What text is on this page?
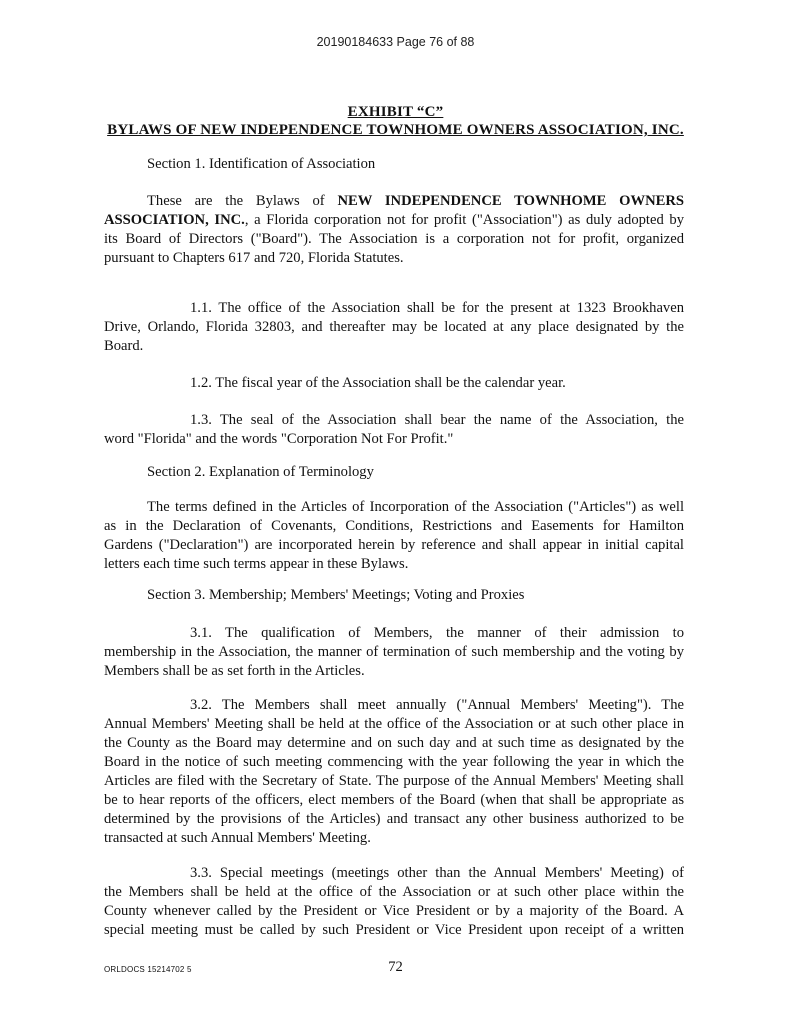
20190184633 Page 76 of 88
EXHIBIT “C”
BYLAWS OF NEW INDEPENDENCE TOWNHOME OWNERS ASSOCIATION, INC.
Section 1. Identification of Association
These are the Bylaws of NEW INDEPENDENCE TOWNHOME OWNERS
ASSOCIATION, INC., a Florida corporation not for profit ("Association") as duly adopted by
its Board of Directors ("Board"). The Association is a corporation not for profit, organized
pursuant to Chapters 617 and 720, Florida Statutes.
1.1. The office of the Association shall be for the present at 1323 Brookhaven
Drive, Orlando, Florida 32803, and thereafter may be located at any place designated by the
Board.
1.2. The fiscal year of the Association shall be the calendar year.
1.3. The seal of the Association shall bear the name of the Association, the
word "Florida" and the words "Corporation Not For Profit."
Section 2. Explanation of Terminology
The terms defined in the Articles of Incorporation of the Association ("Articles") as well
as in the Declaration of Covenants, Conditions, Restrictions and Easements for Hamilton
Gardens ("Declaration") are incorporated herein by reference and shall appear in initial capital
letters each time such terms appear in these Bylaws.
Section 3. Membership; Members' Meetings; Voting and Proxies
3.1. The qualification of Members, the manner of their admission to
membership in the Association, the manner of termination of such membership and the voting by
Members shall be as set forth in the Articles.
3.2. The Members shall meet annually ("Annual Members' Meeting"). The
Annual Members' Meeting shall be held at the office of the Association or at such other place in
the County as the Board may determine and on such day and at such time as designated by the
Board in the notice of such meeting commencing with the year following the year in which the
Articles are filed with the Secretary of State. The purpose of the Annual Members' Meeting shall
be to hear reports of the officers, elect members of the Board (when that shall be appropriate as
determined by the provisions of the Articles) and transact any other business authorized to be
transacted at such Annual Members' Meeting.
3.3. Special meetings (meetings other than the Annual Members' Meeting) of
the Members shall be held at the office of the Association or at such other place within the
County whenever called by the President or Vice President or by a majority of the Board. A
special meeting must be called by such President or Vice President upon receipt of a written
ORLDOCS 15214702 5	72
